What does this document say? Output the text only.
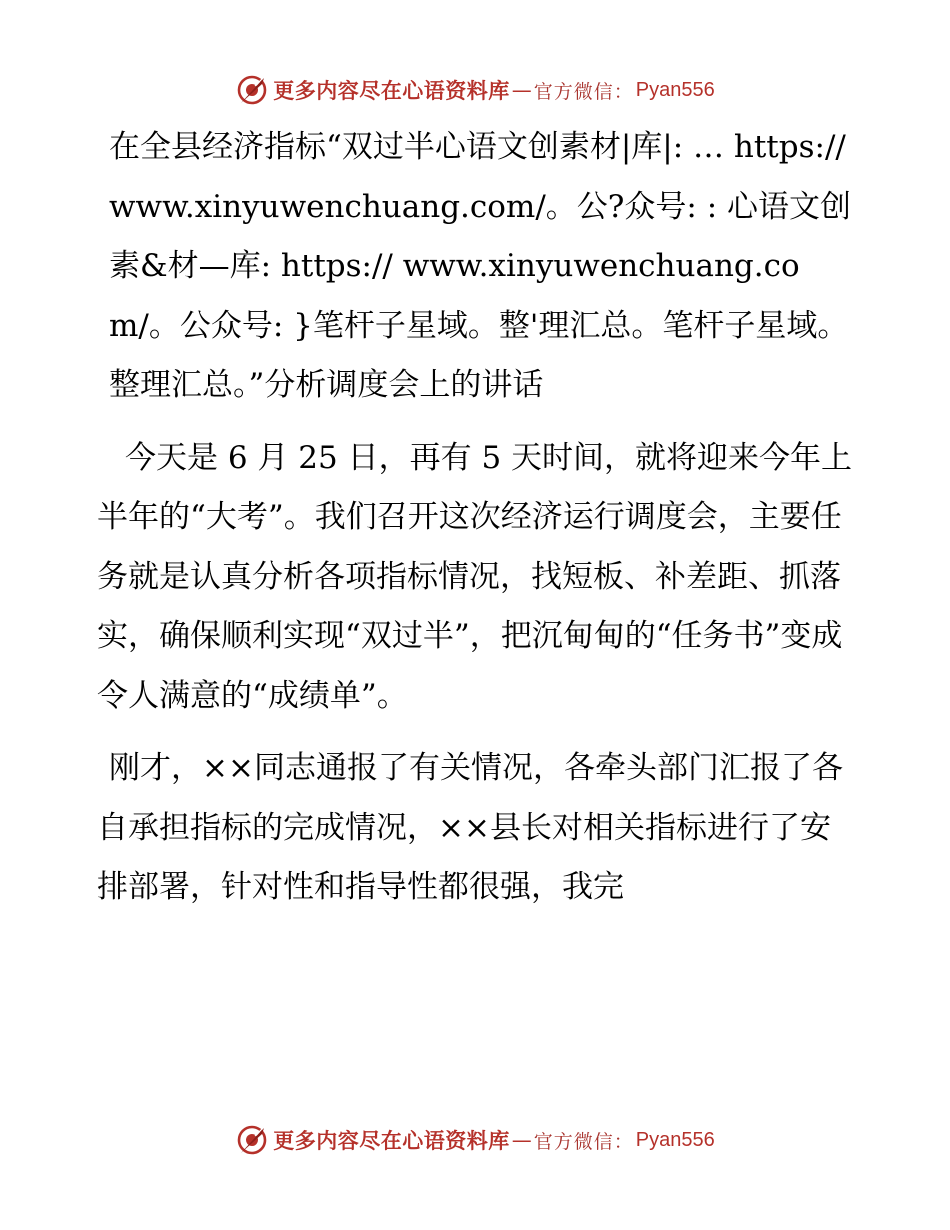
更多内容尽在心语资料库 — 官方微信： Pyan556

在全县经济指标“双过半心语文创素材|库|: … https://www.xinyuwenchuang.com/。公?众号: : 心语文创素&材—库: https:// www.xinyuwenchuang.com/。公众号: }笔杆子星域。整'理汇总。笔杆子星域。整理汇总。”分析调度会上的讲话

今天是 6 月 25 日，再有 5 天时间，就将迎来今年上半年的“大考”。我们召开这次经济运行调度会，主要任务就是认真分析各项指标情况，找短板、补差距、抓落实，确保顺利实现“双过半”，把沉甸甸的“任务书”变成令人满意的“成绩单”。

刚才，××同志通报了有关情况，各牵头部门汇报了各自承担指标的完成情况，××县长对相关指标进行了安排部署，针对性和指导性都很强，我完

更多内容尽在心语资料库 — 官方微信： Pyan556
